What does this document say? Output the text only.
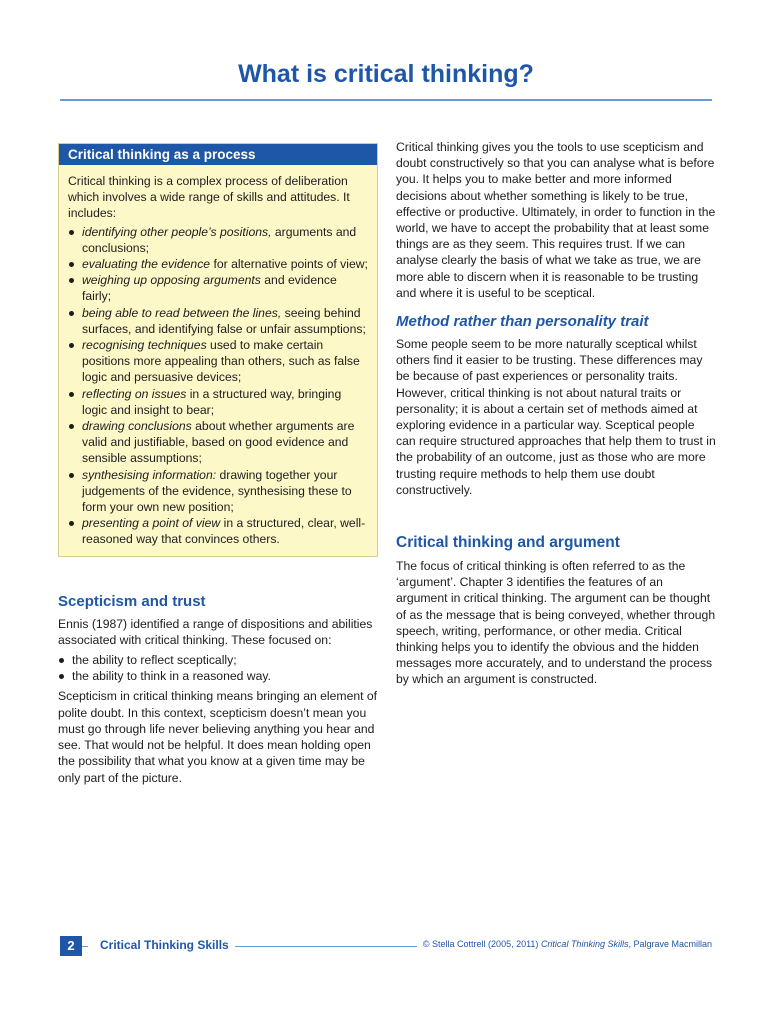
What is critical thinking?
Critical thinking as a process

Critical thinking is a complex process of deliberation which involves a wide range of skills and attitudes. It includes:

identifying other people’s positions, arguments and conclusions;
evaluating the evidence for alternative points of view;
weighing up opposing arguments and evidence fairly;
being able to read between the lines, seeing behind surfaces, and identifying false or unfair assumptions;
recognising techniques used to make certain positions more appealing than others, such as false logic and persuasive devices;
reflecting on issues in a structured way, bringing logic and insight to bear;
drawing conclusions about whether arguments are valid and justifiable, based on good evidence and sensible assumptions;
synthesising information: drawing together your judgements of the evidence, synthesising these to form your own new position;
presenting a point of view in a structured, clear, well-reasoned way that convinces others.
Scepticism and trust

Ennis (1987) identified a range of dispositions and abilities associated with critical thinking. These focused on:

the ability to reflect sceptically;
the ability to think in a reasoned way.

Scepticism in critical thinking means bringing an element of polite doubt. In this context, scepticism doesn’t mean you must go through life never believing anything you hear and see. That would not be helpful. It does mean holding open the possibility that what you know at a given time may be only part of the picture.

Critical thinking gives you the tools to use scepticism and doubt constructively so that you can analyse what is before you. It helps you to make better and more informed decisions about whether something is likely to be true, effective or productive. Ultimately, in order to function in the world, we have to accept the probability that at least some things are as they seem. This requires trust. If we can analyse clearly the basis of what we take as true, we are more able to discern when it is reasonable to be trusting and where it is useful to be sceptical.

Method rather than personality trait

Some people seem to be more naturally sceptical whilst others find it easier to be trusting. These differences may be because of past experiences or personality traits. However, critical thinking is not about natural traits or personality; it is about a certain set of methods aimed at exploring evidence in a particular way. Sceptical people can require structured approaches that help them to trust in the probability of an outcome, just as those who are more trusting require methods to help them use doubt constructively.

Critical thinking and argument

The focus of critical thinking is often referred to as the ‘argument’. Chapter 3 identifies the features of an argument in critical thinking. The argument can be thought of as the message that is being conveyed, whether through speech, writing, performance, or other media. Critical thinking helps you to identify the obvious and the hidden messages more accurately, and to understand the process by which an argument is constructed.

2	Critical Thinking Skills	© Stella Cottrell (2005, 2011) Critical Thinking Skills, Palgrave Macmillan
